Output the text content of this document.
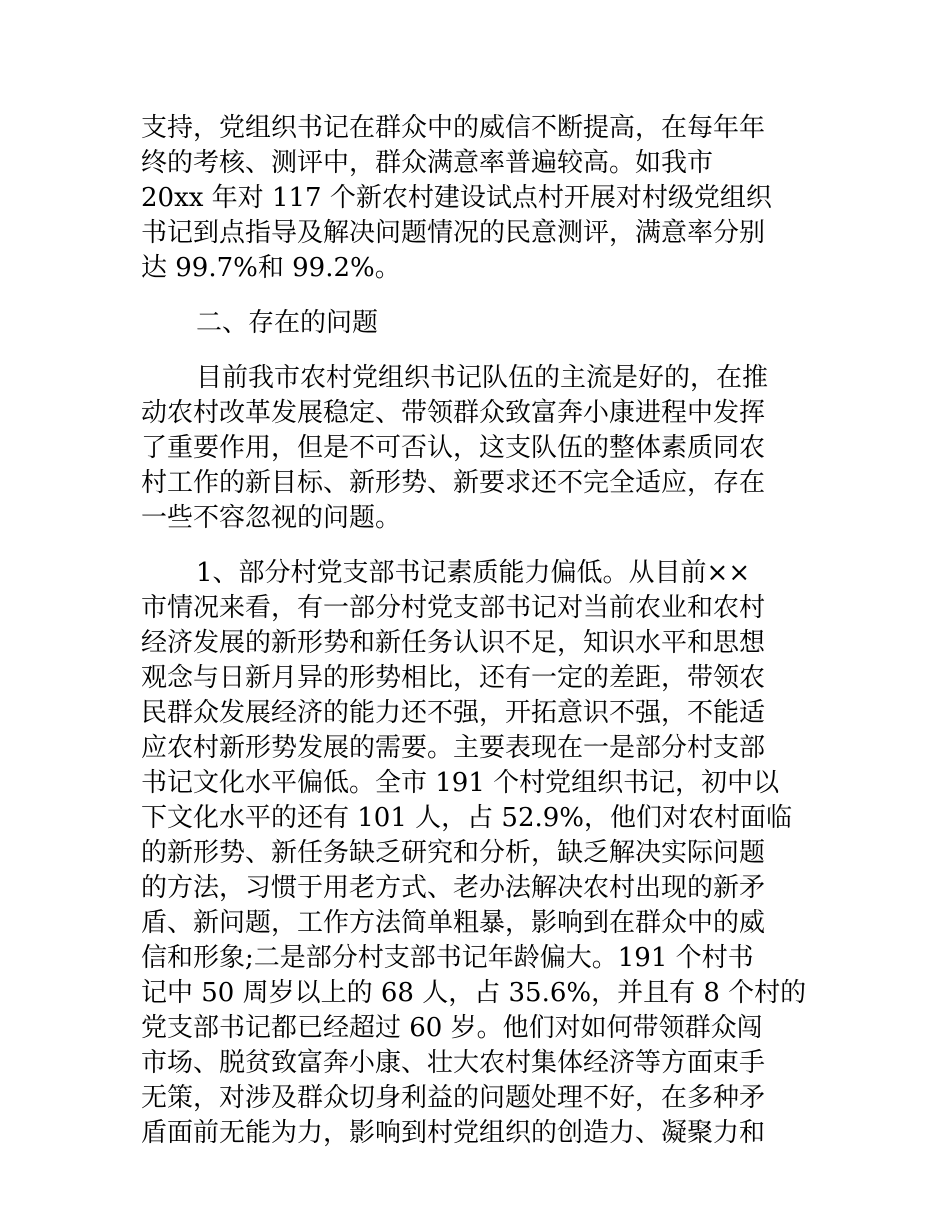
支持，党组织书记在群众中的威信不断提高，在每年年
终的考核、测评中，群众满意率普遍较高。如我市
20xx 年对 117 个新农村建设试点村开展对村级党组织
书记到点指导及解决问题情况的民意测评，满意率分别
达 99.7%和 99.2%。
二、存在的问题
目前我市农村党组织书记队伍的主流是好的，在推
动农村改革发展稳定、带领群众致富奔小康进程中发挥
了重要作用，但是不可否认，这支队伍的整体素质同农
村工作的新目标、新形势、新要求还不完全适应，存在
一些不容忽视的问题。
1、部分村党支部书记素质能力偏低。从目前××
市情况来看，有一部分村党支部书记对当前农业和农村
经济发展的新形势和新任务认识不足，知识水平和思想
观念与日新月异的形势相比，还有一定的差距，带领农
民群众发展经济的能力还不强，开拓意识不强，不能适
应农村新形势发展的需要。主要表现在一是部分村支部
书记文化水平偏低。全市 191 个村党组织书记，初中以
下文化水平的还有 101 人，占 52.9%，他们对农村面临
的新形势、新任务缺乏研究和分析，缺乏解决实际问题
的方法，习惯于用老方式、老办法解决农村出现的新矛
盾、新问题，工作方法简单粗暴，影响到在群众中的威
信和形象;二是部分村支部书记年龄偏大。191 个村书
记中 50 周岁以上的 68 人，占 35.6%，并且有 8 个村的
党支部书记都已经超过 60 岁。他们对如何带领群众闯
市场、脱贫致富奔小康、壮大农村集体经济等方面束手
无策，对涉及群众切身利益的问题处理不好，在多种矛
盾面前无能为力，影响到村党组织的创造力、凝聚力和
